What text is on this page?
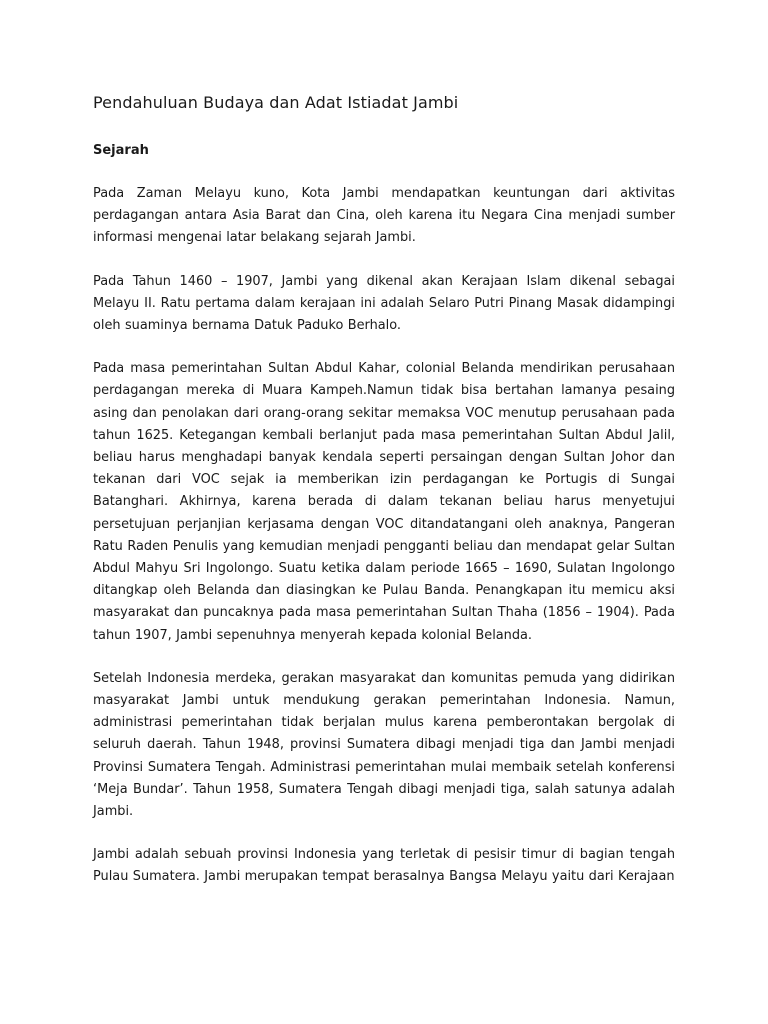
Pendahuluan Budaya dan Adat Istiadat Jambi
Sejarah

Pada Zaman Melayu kuno, Kota Jambi mendapatkan keuntungan dari aktivitas perdagangan antara Asia Barat dan Cina, oleh karena itu Negara Cina menjadi sumber informasi mengenai latar belakang sejarah Jambi.

Pada Tahun 1460 – 1907, Jambi yang dikenal akan Kerajaan Islam dikenal sebagai Melayu II. Ratu pertama dalam kerajaan ini adalah Selaro Putri Pinang Masak didampingi oleh suaminya bernama Datuk Paduko Berhalo.

Pada masa pemerintahan Sultan Abdul Kahar, colonial Belanda mendirikan perusahaan perdagangan mereka di Muara Kampeh.Namun tidak bisa bertahan lamanya pesaing asing dan penolakan dari orang-orang sekitar memaksa VOC menutup perusahaan pada tahun 1625. Ketegangan kembali berlanjut pada masa pemerintahan Sultan Abdul Jalil, beliau harus menghadapi banyak kendala seperti persaingan dengan Sultan Johor dan tekanan dari VOC sejak ia memberikan izin perdagangan ke Portugis di Sungai Batanghari. Akhirnya, karena berada di dalam tekanan beliau harus menyetujui persetujuan perjanjian kerjasama dengan VOC ditandatangani oleh anaknya, Pangeran Ratu Raden Penulis yang kemudian menjadi pengganti beliau dan mendapat gelar Sultan Abdul Mahyu Sri Ingolongo. Suatu ketika dalam periode 1665 – 1690, Sulatan Ingolongo ditangkap oleh Belanda dan diasingkan ke Pulau Banda. Penangkapan itu memicu aksi masyarakat dan puncaknya pada masa pemerintahan Sultan Thaha (1856 – 1904). Pada tahun 1907, Jambi sepenuhnya menyerah kepada kolonial Belanda.

Setelah Indonesia merdeka, gerakan masyarakat dan komunitas pemuda yang didirikan masyarakat Jambi untuk mendukung gerakan pemerintahan Indonesia. Namun, administrasi pemerintahan tidak berjalan mulus karena pemberontakan bergolak di seluruh daerah. Tahun 1948, provinsi Sumatera dibagi menjadi tiga dan Jambi menjadi Provinsi Sumatera Tengah. Administrasi pemerintahan mulai membaik setelah konferensi ‘Meja Bundar’. Tahun 1958, Sumatera Tengah dibagi menjadi tiga, salah satunya adalah Jambi.

Jambi adalah sebuah provinsi Indonesia yang terletak di pesisir timur di bagian tengah Pulau Sumatera. Jambi merupakan tempat berasalnya Bangsa Melayu yaitu dari Kerajaan
